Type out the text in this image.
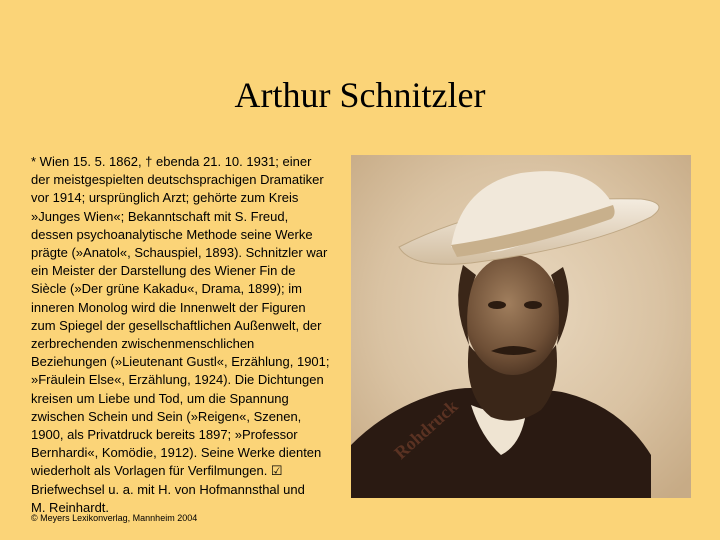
Arthur Schnitzler

* Wien 15. 5. 1862, † ebenda 21. 10. 1931; einer
der meistgespielten deutschsprachigen Dramatiker
vor 1914; ursprünglich Arzt; gehörte zum Kreis
»Junges Wien«; Bekanntschaft mit S. Freud,
dessen psychoanalytische Methode seine Werke
prägte (»Anatol«, Schauspiel, 1893). Schnitzler war
ein Meister der Darstellung des Wiener Fin de
Siècle (»Der grüne Kakadu«, Drama, 1899); im
inneren Monolog wird die Innenwelt der Figuren
zum Spiegel der gesellschaftlichen Außenwelt, der
zerbrechenden zwischenmenschlichen
Beziehungen (»Lieutenant Gustl«, Erzählung, 1901;
»Fräulein Else«, Erzählung, 1924). Die Dichtungen
kreisen um Liebe und Tod, um die Spannung
zwischen Schein und Sein (»Reigen«, Szenen,
1900, als Privatdruck bereits 1897; »Professor
Bernhardi«, Komödie, 1912). Seine Werke dienten
wiederholt als Vorlagen für Verfilmungen. ☑
Briefwechsel u. a. mit H. von Hofmannsthal und
M. Reinhardt.

Rohdruck
© Meyers Lexikonverlag, Mannheim 2004
